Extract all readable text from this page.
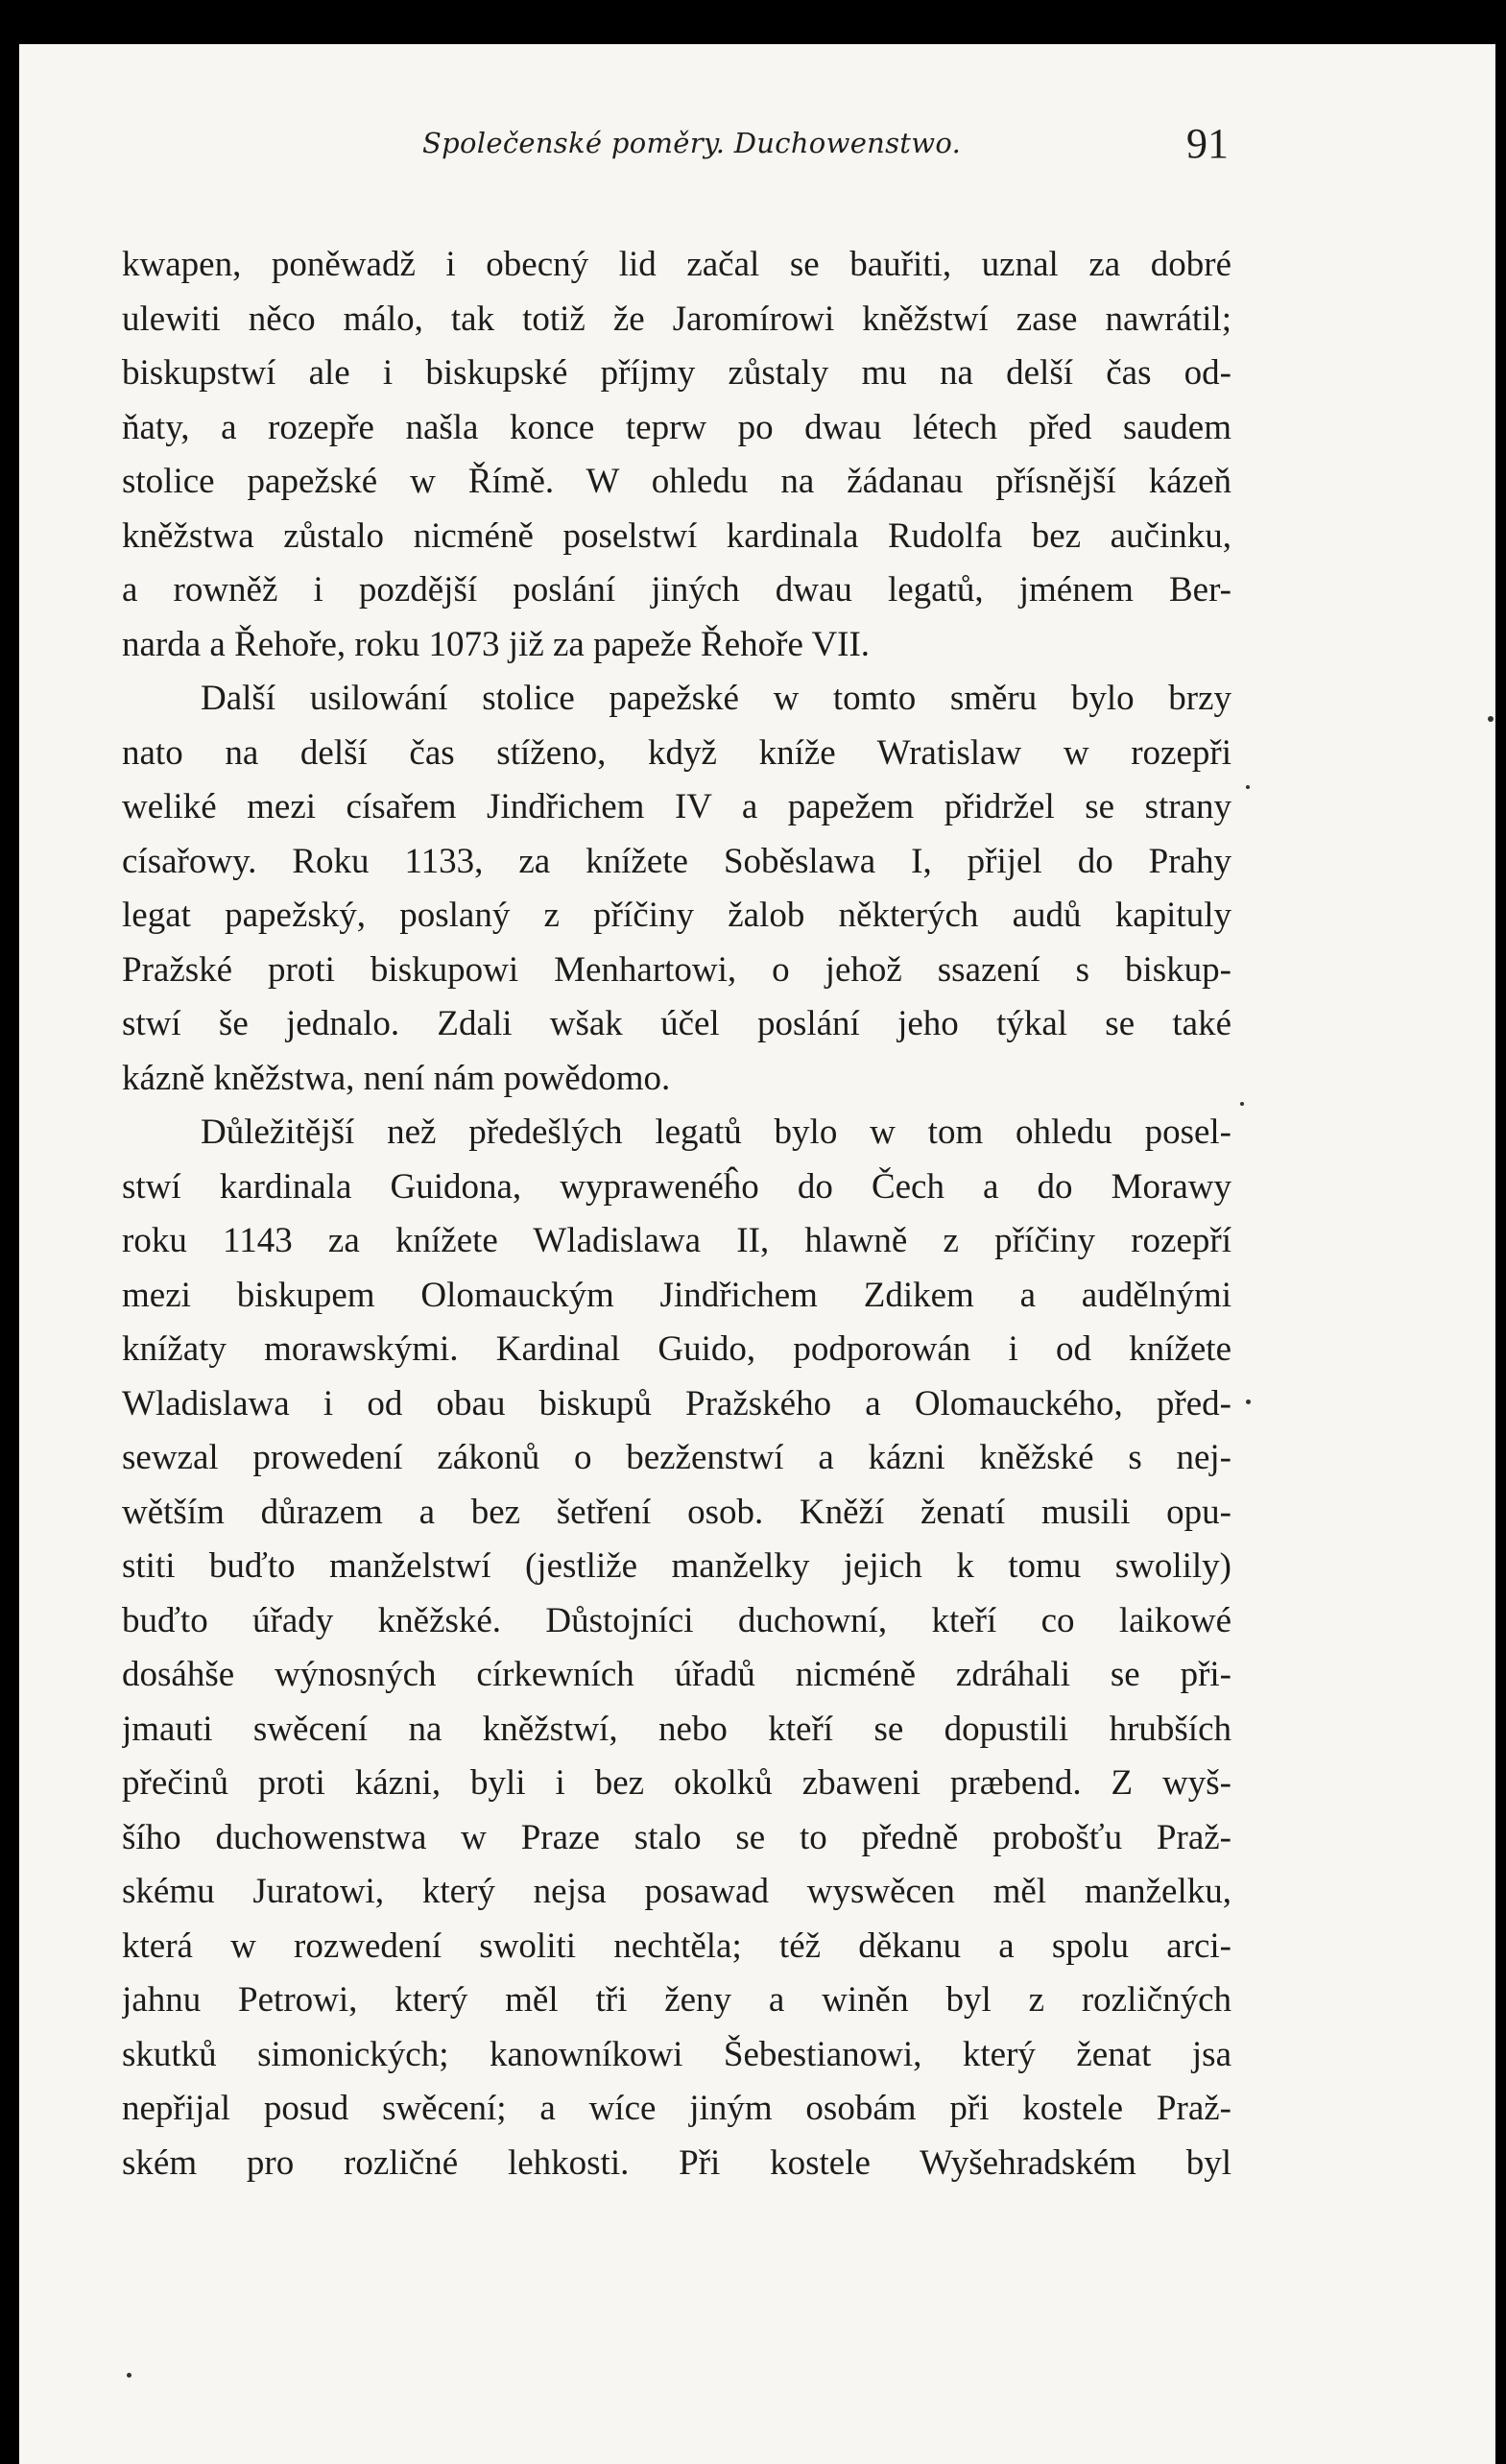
Společenské poměry. Duchowenstwo.	91
kwapen, poněwadž i obecný lid začal se bauřiti, uznal za dobré
ulewiti něco málo, tak totiž že Jaromírowi kněžstwí zase nawrátil;
biskupstwí ale i biskupské příjmy zůstaly mu na delší čas od-
ňaty, a rozepře našla konce teprw po dwau létech před saudem
stolice papežské w Římě. W ohledu na žádanau přísnější kázeň
kněžstwa zůstalo nicméně poselstwí kardinala Rudolfa bez aučinku,
a rowněž i pozdější poslání jiných dwau legatů, jménem Ber-
narda a Řehoře, roku 1073 již za papeže Řehoře VII.
Další usilowání stolice papežské w tomto směru bylo brzy
nato na delší čas stíženo, když kníže Wratislaw w rozepři
weliké mezi císařem Jindřichem IV a papežem přidržel se strany
císařowy. Roku 1133, za knížete Soběslawa I, přijel do Prahy
legat papežský, poslaný z příčiny žalob některých audů kapituly
Pražské proti biskupowi Menhartowi, o jehož ssazení s biskup-
stwí še jednalo. Zdali wšak účel poslání jeho týkal se také
kázně kněžstwa, není nám powědomo.
Důležitější než předešlých legatů bylo w tom ohledu posel-
stwí kardinala Guidona, wyprawenéĥo do Čech a do Morawy
roku 1143 za knížete Wladislawa II, hlawně z příčiny rozepří
mezi biskupem Olomauckým Jindřichem Zdikem a audělnými
knížaty morawskými. Kardinal Guido, podporowán i od knížete
Wladislawa i od obau biskupů Pražského a Olomauckého, před-
sewzal prowedení zákonů o bezženstwí a kázni kněžské s nej-
wětším důrazem a bez šetření osob. Kněží ženatí musili opu-
stiti buďto manželstwí (jestliže manželky jejich k tomu swolily)
buďto úřady kněžské. Důstojníci duchowní, kteří co laikowé
dosáhše wýnosných církewních úřadů nicméně zdráhali se při-
jmauti swěcení na kněžstwí, nebo kteří se dopustili hrubších
přečinů proti kázni, byli i bez okolků zbaweni præbend. Z wyš-
šího duchowenstwa w Praze stalo se to předně probošťu Praž-
skému Juratowi, který nejsa posawad wyswěcen měl manželku,
která w rozwedení swoliti nechtěla; též děkanu a spolu arci-
jahnu Petrowi, který měl tři ženy a winěn byl z rozličných
skutků simonických; kanowníkowi Šebestianowi, který ženat jsa
nepřijal posud swěcení; a wíce jiným osobám při kostele Praž-
ském pro rozličné lehkosti. Při kostele Wyšehradském byl
